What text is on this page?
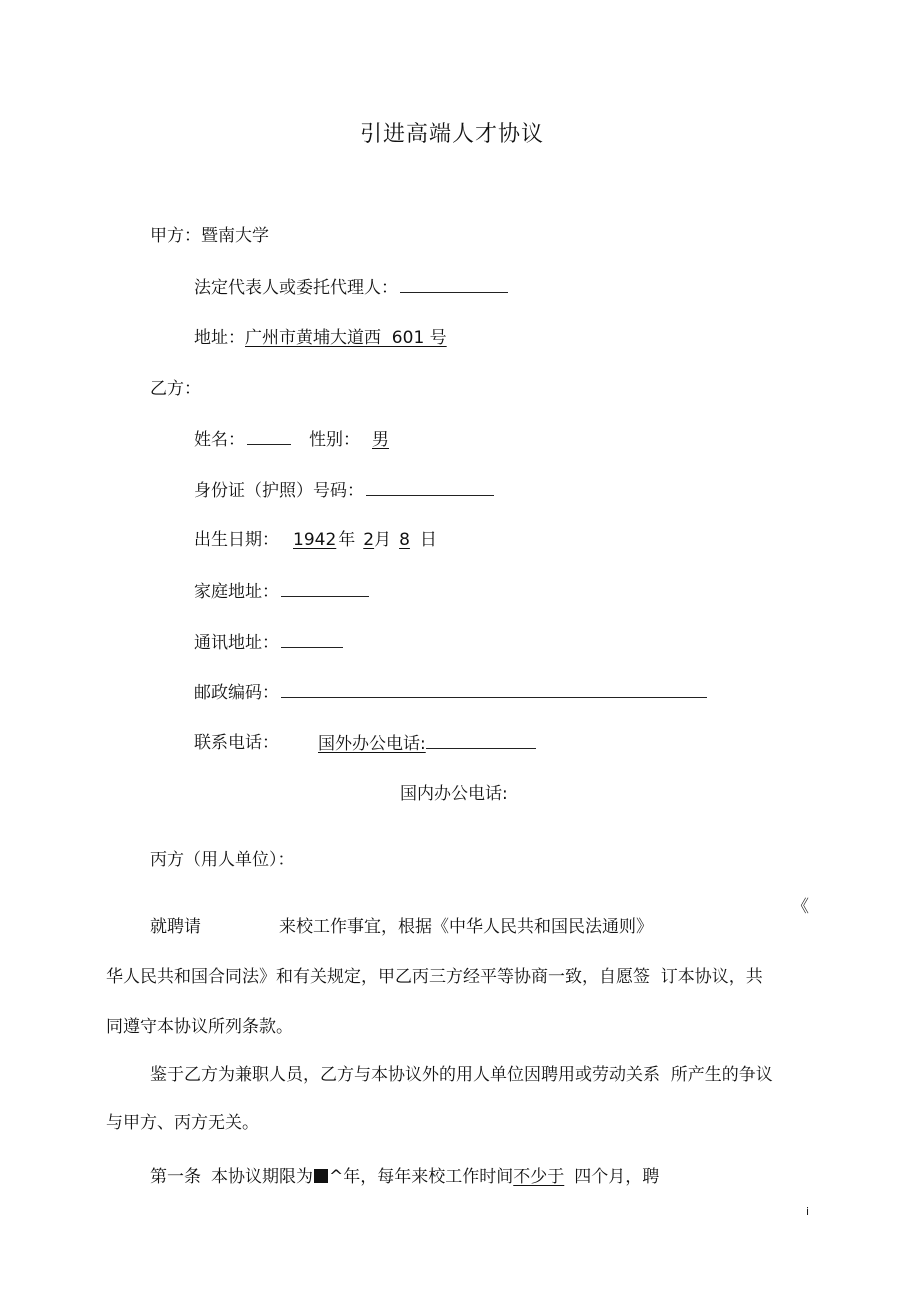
引进高端人才协议
甲方：暨南大学
法定代表人或委托代理人：
地址：广州市黄埔大道西  601 号
乙方：
姓名：	性别： 男
身份证（护照）号码：
出生日期： 1942 年 2月 8 日
家庭地址：
通讯地址：
邮政编码：
联系电话： 国外办公电话:
国内办公电话:
丙方（用人单位）：
《
就聘请	来校工作事宜，根据《中华人民共和国民法通则》
华人民共和国合同法》和有关规定，甲乙丙三方经平等协商一致，自愿签  订本协议，共
同遵守本协议所列条款。
鉴于乙方为兼职人员，乙方与本协议外的用人单位因聘用或劳动关系  所产生的争议
与甲方、丙方无关。
第一条 本协议期限为 ^年，每年来校工作时间不少于 四个月，聘
i
